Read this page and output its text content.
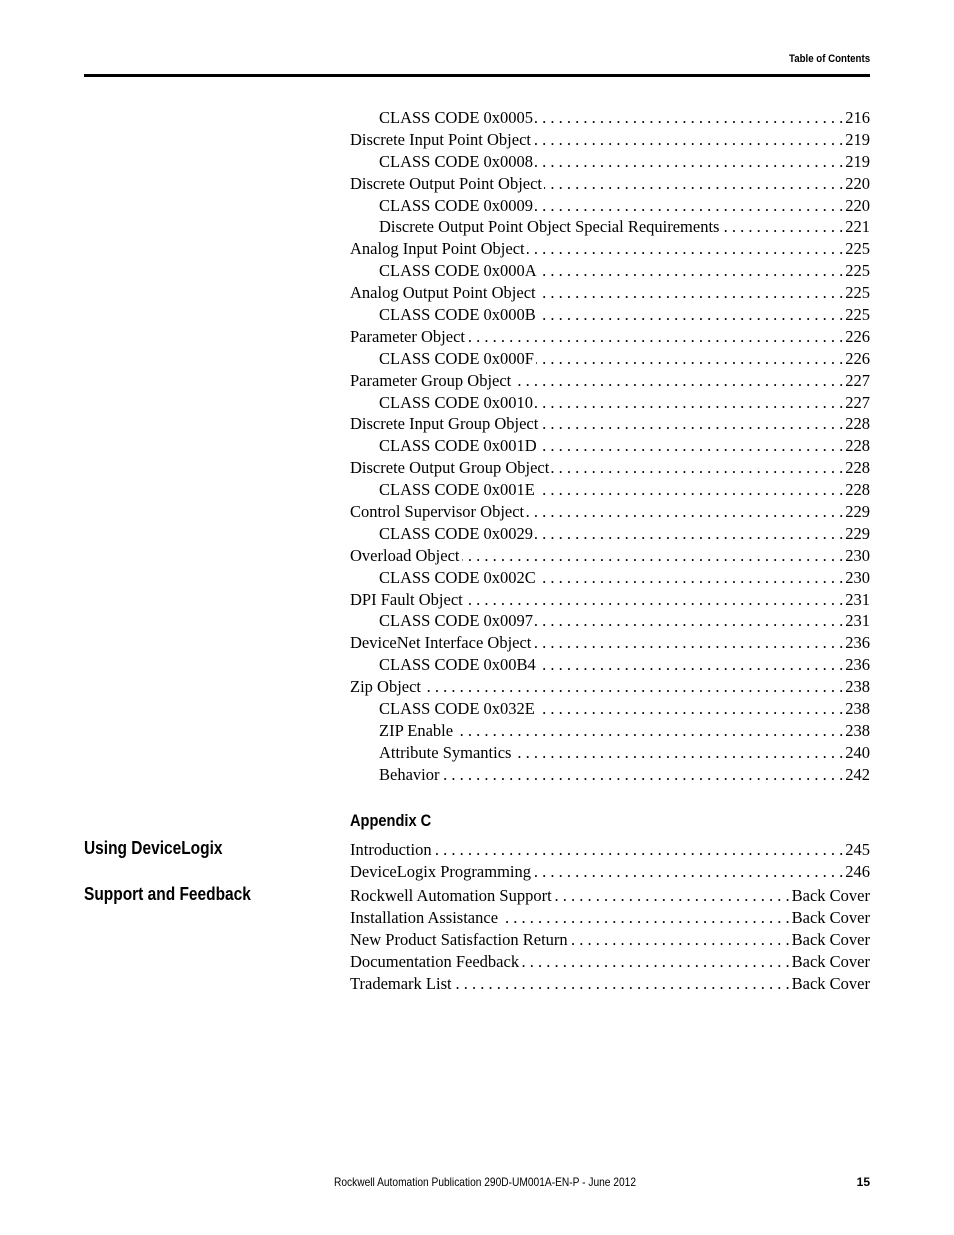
Table of Contents
CLASS CODE 0x0005 . . .	216
Discrete Input Point Object . . .	219
CLASS CODE 0x0008 . . .	219
Discrete Output Point Object . . .	220
CLASS CODE 0x0009 . . .	220
Discrete Output Point Object Special Requirements . . .	221
Analog Input Point Object . . .	225
CLASS CODE 0x000A . . .	225
Analog Output Point Object . . .	225
CLASS CODE 0x000B . . .	225
Parameter Object . . .	226
CLASS CODE 0x000F . . .	226
Parameter Group Object . . .	227
CLASS CODE 0x0010 . . .	227
Discrete Input Group Object . . .	228
CLASS CODE 0x001D . . .	228
Discrete Output Group Object . . .	228
CLASS CODE 0x001E . . .	228
Control Supervisor Object . . .	229
CLASS CODE 0x0029 . . .	229
Overload Object . . .	230
CLASS CODE 0x002C . . .	230
DPI Fault Object . . .	231
CLASS CODE 0x0097 . . .	231
DeviceNet Interface Object . . .	236
CLASS CODE 0x00B4 . . .	236
Zip Object . . .	238
CLASS CODE 0x032E . . .	238
ZIP Enable . . .	238
Attribute Symantics . . .	240
Behavior . . .	242
Appendix C
Using DeviceLogix	Introduction . . .	245
DeviceLogix Programming . . .	246
Support and Feedback	Rockwell Automation Support . . .	Back Cover
Installation Assistance . . .	Back Cover
New Product Satisfaction Return . . .	Back Cover
Documentation Feedback . . .	Back Cover
Trademark List . . .	Back Cover
Rockwell Automation Publication 290D-UM001A-EN-P - June 2012	15
